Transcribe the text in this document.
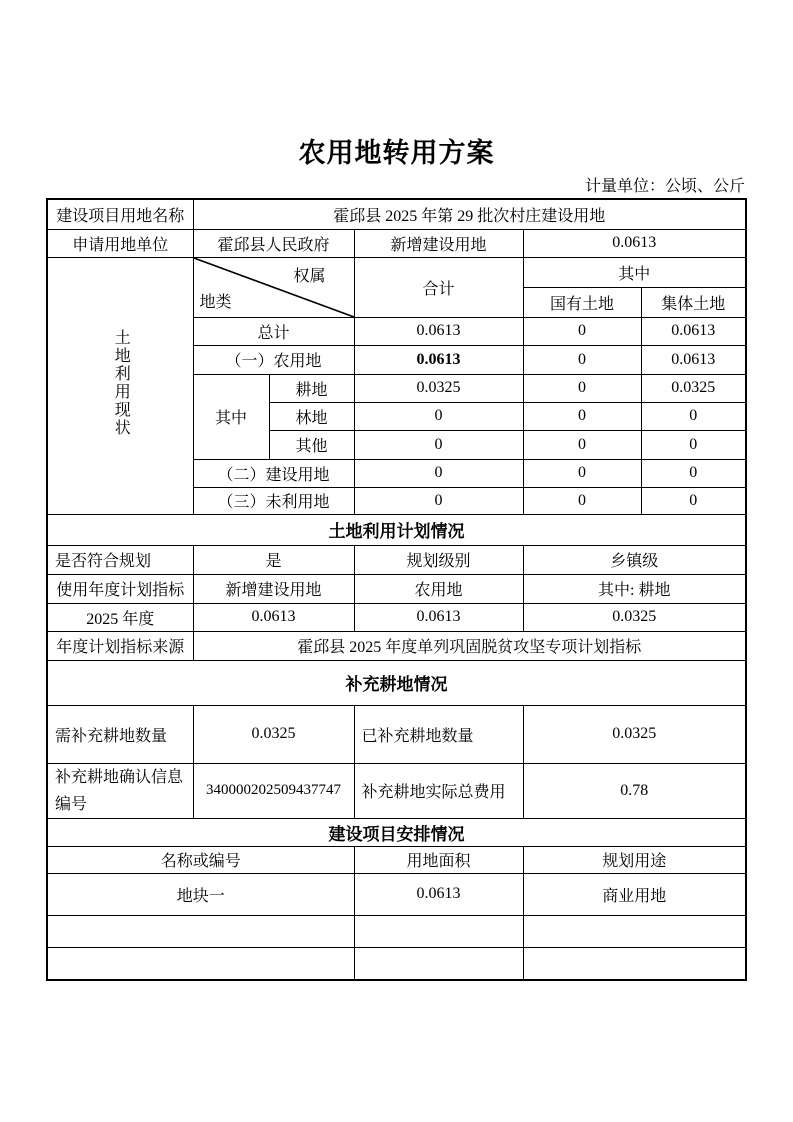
农用地转用方案
计量单位：公顷、公斤
建设项目用地名称	霍邱县 2025 年第 29 批次村庄建设用地				
申请用地单位	霍邱县人民政府		新增建设用地	0.0613	
土地利用现状	权属
地类		合计	其中	
				国有土地	集体土地
	总计		0.0613	0	0.0613
	（一）农用地		0.0613	0	0.0613
	其中	耕地	0.0325	0	0.0325
		林地	0	0	0
		其他	0	0	0
	（二）建设用地		0	0	0
	（三）未利用地		0	0	0
土地利用计划情况					
是否符合规划	是		规划级别	乡镇级	
使用年度计划指标	新增建设用地		农用地	其中: 耕地	
2025 年度	0.0613		0.0613	0.0325	
年度计划指标来源	霍邱县 2025 年度单列巩固脱贫攻坚专项计划指标				
补充耕地情况					
需补充耕地数量	0.0325		已补充耕地数量	0.0325	
补充耕地确认信息编号	340000202509437747		补充耕地实际总费用	0.78	
建设项目安排情况					
名称或编号			用地面积	规划用途	
地块一			0.0613	商业用地	
